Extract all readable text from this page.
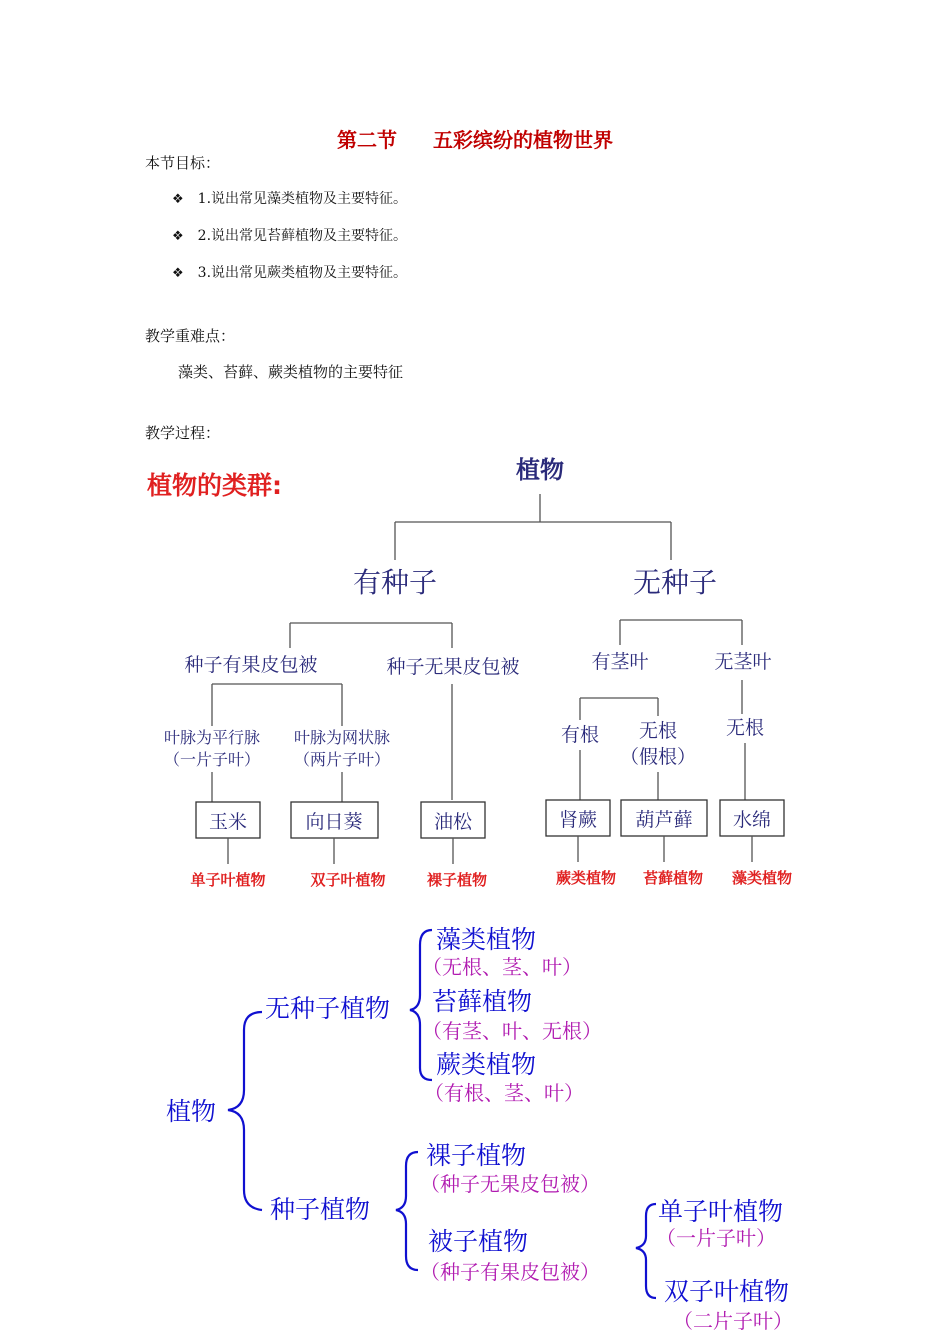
第二节 五彩缤纷的植物世界
本节目标：
❖ 1.说出常见藻类植物及主要特征。
❖ 2.说出常见苔藓植物及主要特征。
❖ 3.说出常见蕨类植物及主要特征。
教学重难点：
藻类、苔藓、蕨类植物的主要特征
教学过程：
植物的类群:
植物
有种子	无种子
种子有果皮包被	种子无果皮包被	有茎叶	无茎叶
叶脉为平行脉
（一片子叶）
叶脉为网状脉
（两片子叶）
有根 无根
（假根）
无根
玉米	向日葵	油松	肾蕨 葫芦藓 水绵
单子叶植物	双子叶植物	裸子植物	蕨类植物 苔藓植物 藻类植物
植物
无种子植物
种子植物
藻类植物
（无根、茎、叶）
苔藓植物
（有茎、叶、无根）
蕨类植物
（有根、茎、叶）
裸子植物
（种子无果皮包被）
被子植物
（种子有果皮包被）
单子叶植物
（一片子叶）
双子叶植物
（二片子叶）
